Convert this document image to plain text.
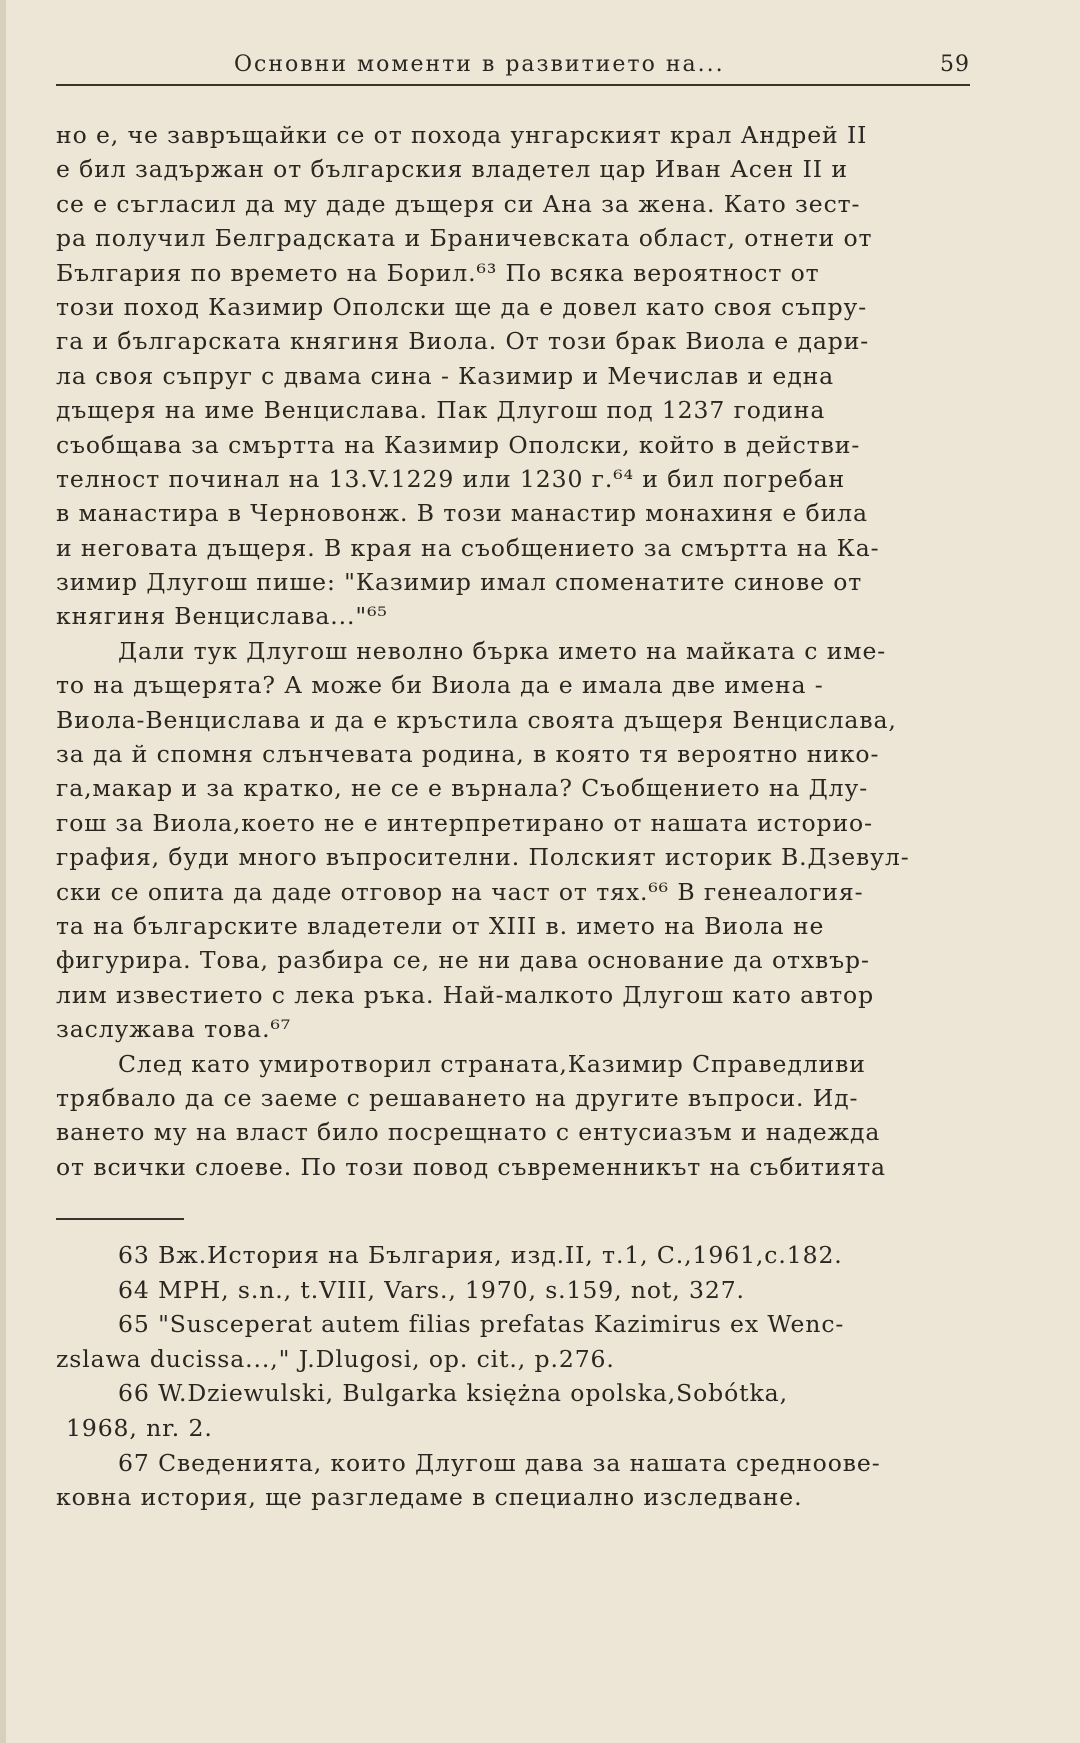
Основни моменти в развитието на...	59
но е, че завръщайки се от похода унгарският крал Андрей II
е бил задържан от българския владетел цар Иван Асен II и
се е съгласил да му даде дъщеря си Ана за жена. Като зест-
ра получил Белградската и Браничевската област, отнети от
България по времето на Борил.⁶³ По всяка вероятност от
този поход Казимир Ополски ще да е довел като своя съпру-
га и българската княгиня Виола. От този брак Виола е дари-
ла своя съпруг с двама сина - Казимир и Мечислав и една
дъщеря на име Венцислава. Пак Длугош под 1237 година
съобщава за смъртта на Казимир Ополски, който в действи-
телност починал на 13.V.1229 или 1230 г.⁶⁴ и бил погребан
в манастира в Черновонж. В този манастир монахиня е била
и неговата дъщеря. В края на съобщението за смъртта на Ка-
зимир Длугош пише: "Казимир имал споменатите синове от
княгиня Венцислава..."⁶⁵
Дали тук Длугош неволно бърка името на майката с име-
то на дъщерята? А може би Виола да е имала две имена -
Виола-Венцислава и да е кръстила своята дъщеря Венцислава,
за да й спомня слънчевата родина, в която тя вероятно нико-
га,макар и за кратко, не се е върнала? Съобщението на Длу-
гош за Виола,което не е интерпретирано от нашата историо-
графия, буди много въпросителни. Полският историк В.Дзевул-
ски се опита да даде отговор на част от тях.⁶⁶ В генеалогия-
та на българските владетели от XIII в. името на Виола не
фигурира. Това, разбира се, не ни дава основание да отхвър-
лим известието с лека ръка. Най-малкото Длугош като автор
заслужава това.⁶⁷
След като умиротворил страната,Казимир Справедливи
трябвало да се заеме с решаването на другите въпроси. Ид-
ването му на власт било посрещнато с ентусиазъм и надежда
от всички слоеве. По този повод съвременникът на събитията
63 Вж.История на България, изд.II, т.1, С.,1961,с.182.
64 MPH, s.n., t.VIII, Vars., 1970, s.159, not, 327.
65 "Susceperat autem filias prefatas Kazimirus ex Wenc-
zslawa ducissa...," J.Dlugosi, op. cit., p.276.
66 W.Dziewulski, Bulgarka księżna opolska,Sobótka,
1968, nr. 2.
67 Сведенията, които Длугош дава за нашата средноове-
ковна история, ще разгледаме в специално изследване.
